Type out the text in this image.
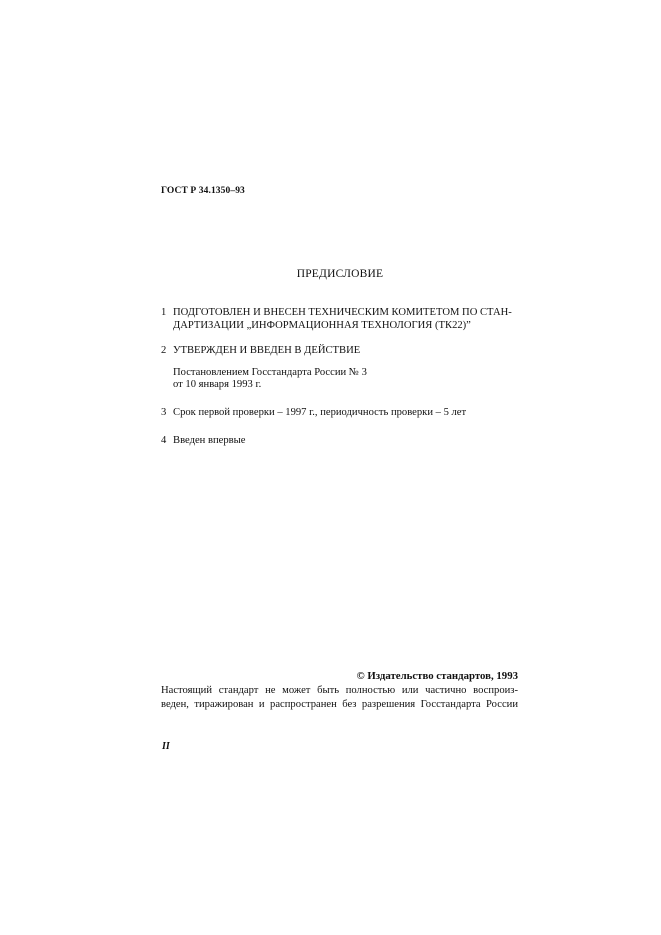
ГОСТ Р 34.1350–93
ПРЕДИСЛОВИЕ
1 ПОДГОТОВЛЕН И ВНЕСЕН ТЕХНИЧЕСКИМ КОМИТЕТОМ ПО СТАН-
ДАРТИЗАЦИИ „ИНФОРМАЦИОННАЯ ТЕХНОЛОГИЯ (ТК22)”
2 УТВЕРЖДЕН И ВВЕДЕН В ДЕЙСТВИЕ
Постановлением Госстандарта России № 3
от 10 января 1993 г.
3 Срок первой проверки – 1997 г., периодичность проверки – 5 лет
4 Введен впервые
© Издательство стандартов, 1993
Настоящий стандарт не может быть полностью или частично воспроиз-
веден, тиражирован и распространен без разрешения Госстандарта России
II
